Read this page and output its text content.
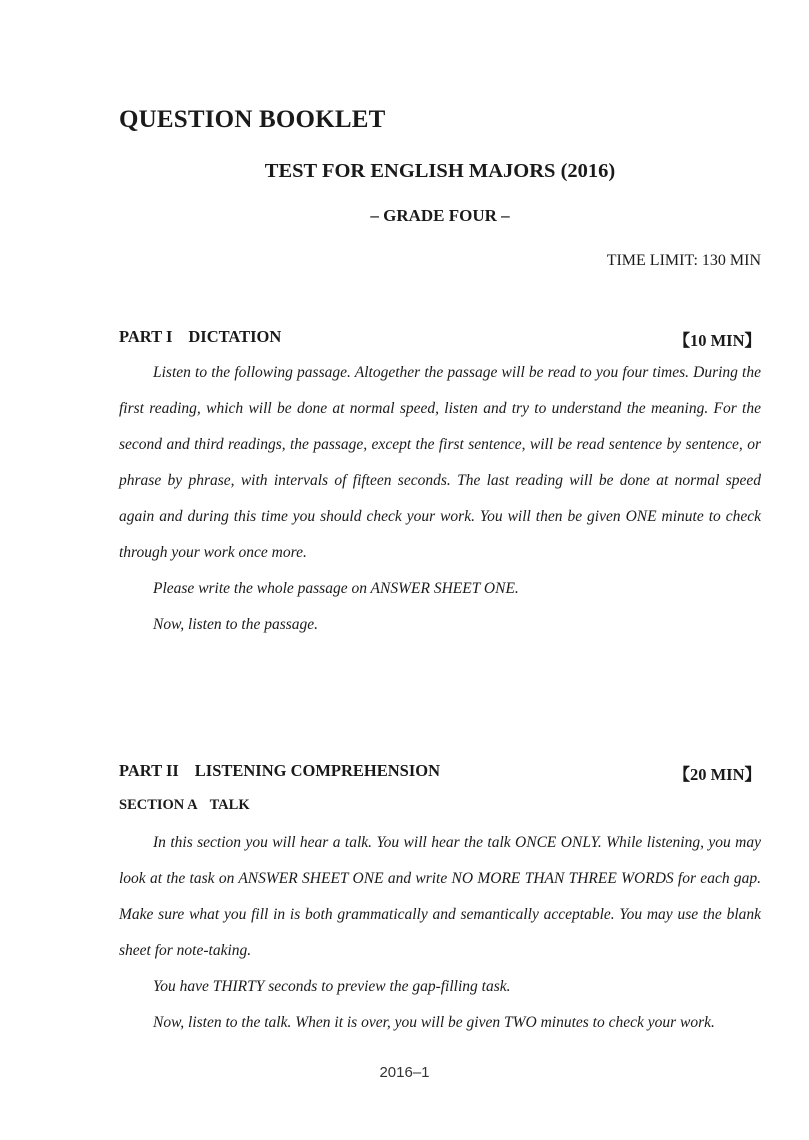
QUESTION BOOKLET
TEST FOR ENGLISH MAJORS (2016)
– GRADE FOUR –
TIME LIMIT: 130 MIN
PART I DICTATION	【10 MIN】

Listen to the following passage. Altogether the passage will be read to you four times. During the first reading, which will be done at normal speed, listen and try to understand the meaning. For the second and third readings, the passage, except the first sentence, will be read sentence by sentence, or phrase by phrase, with intervals of fifteen seconds. The last reading will be done at normal speed again and during this time you should check your work. You will then be given ONE minute to check through your work once more.

Please write the whole passage on ANSWER SHEET ONE.
Now, listen to the passage.
PART II LISTENING COMPREHENSION	【20 MIN】
SECTION A TALK

In this section you will hear a talk. You will hear the talk ONCE ONLY. While listening, you may look at the task on ANSWER SHEET ONE and write NO MORE THAN THREE WORDS for each gap. Make sure what you fill in is both grammatically and semantically acceptable. You may use the blank sheet for note-taking.

You have THIRTY seconds to preview the gap-filling task.
Now, listen to the talk. When it is over, you will be given TWO minutes to check your work.
2016–1
